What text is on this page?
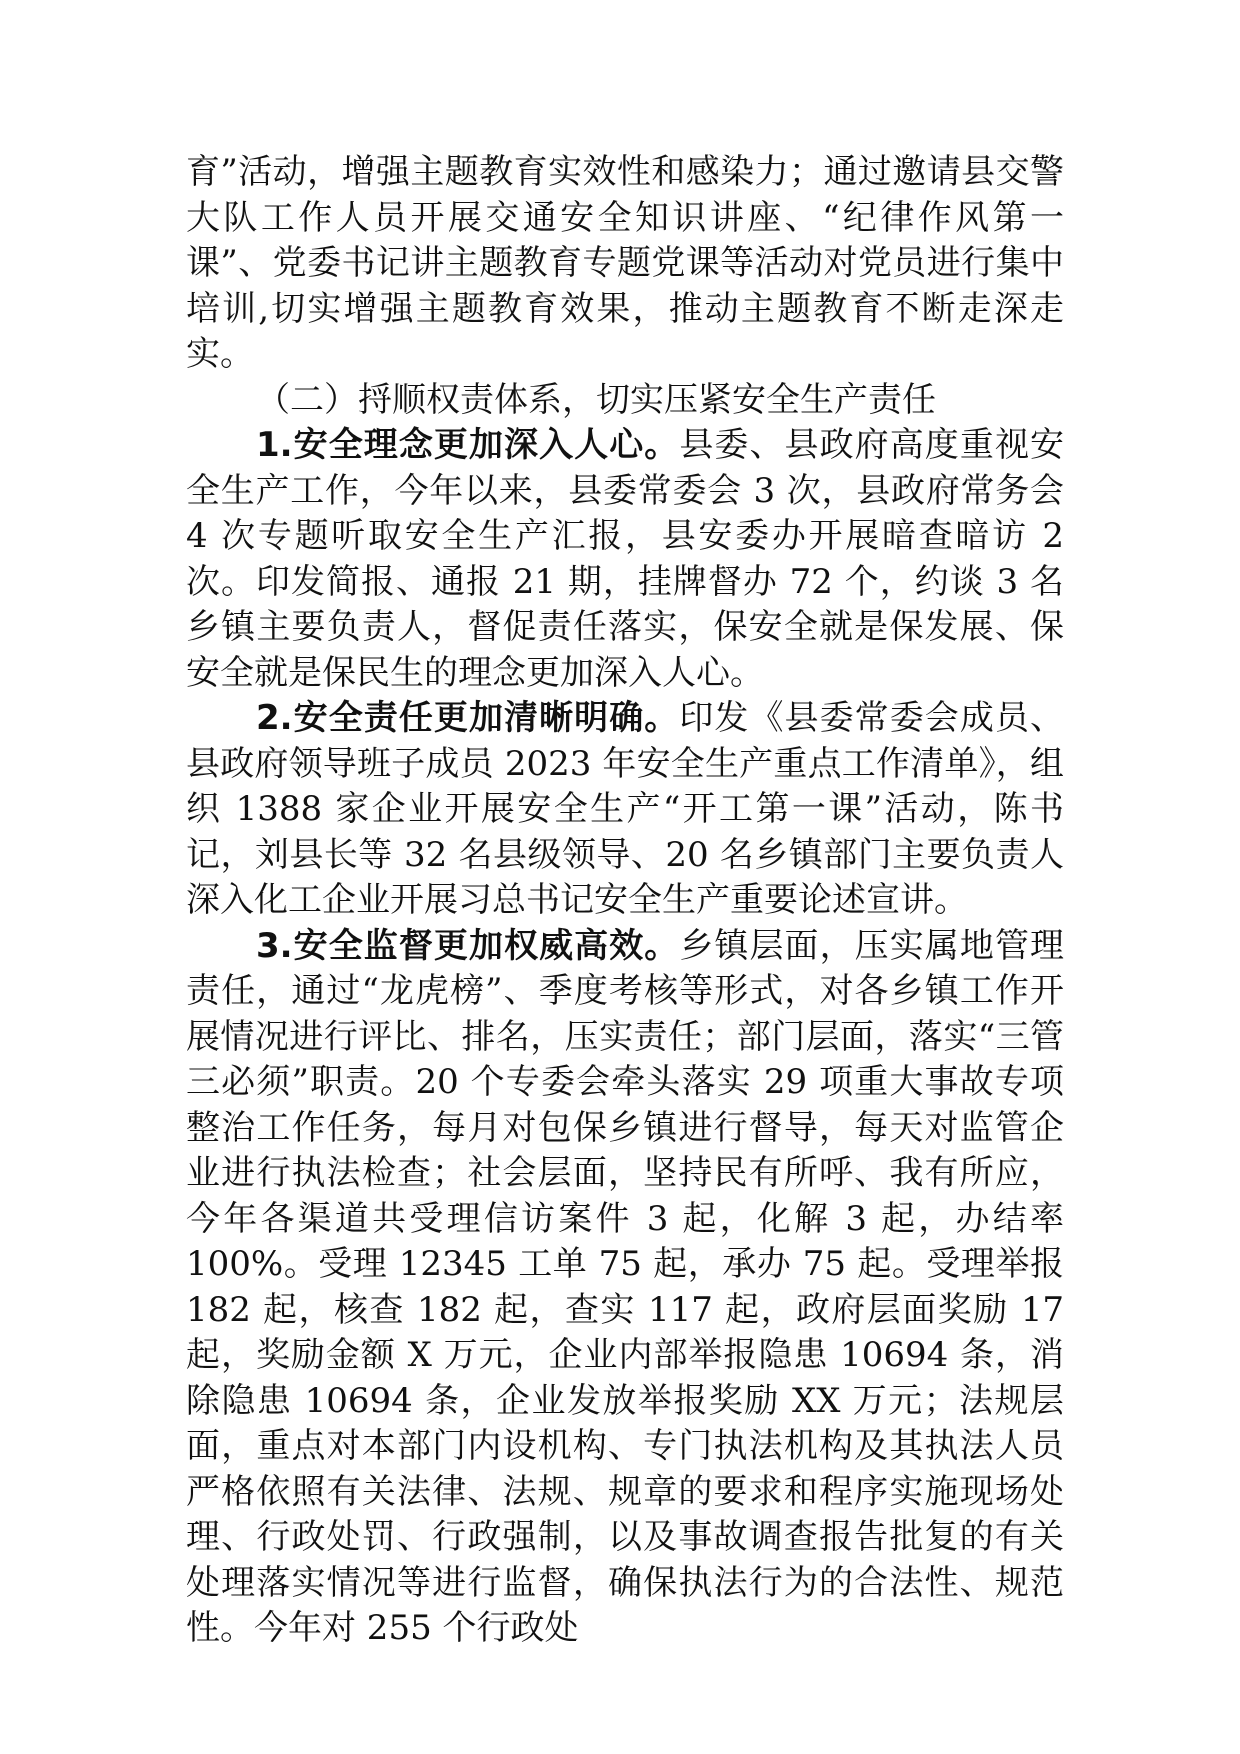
育”活动，增强主题教育实效性和感染力；通过邀请县交警大队工作人员开展交通安全知识讲座、“纪律作风第一课”、党委书记讲主题教育专题党课等活动对党员进行集中培训,切实增强主题教育效果，推动主题教育不断走深走实。

（二）捋顺权责体系，切实压紧安全生产责任

1.安全理念更加深入人心。县委、县政府高度重视安全生产工作，今年以来，县委常委会 3 次，县政府常务会 4 次专题听取安全生产汇报，县安委办开展暗查暗访 2 次。印发简报、通报 21 期，挂牌督办 72 个，约谈 3 名乡镇主要负责人，督促责任落实，保安全就是保发展、保安全就是保民生的理念更加深入人心。

2.安全责任更加清晰明确。印发《县委常委会成员、县政府领导班子成员 2023 年安全生产重点工作清单》，组织 1388 家企业开展安全生产“开工第一课”活动，陈书记，刘县长等 32 名县级领导、20 名乡镇部门主要负责人深入化工企业开展习总书记安全生产重要论述宣讲。

3.安全监督更加权威高效。乡镇层面，压实属地管理责任，通过“龙虎榜”、季度考核等形式，对各乡镇工作开展情况进行评比、排名，压实责任；部门层面，落实“三管三必须”职责。20 个专委会牵头落实 29 项重大事故专项整治工作任务，每月对包保乡镇进行督导，每天对监管企业进行执法检查；社会层面，坚持民有所呼、我有所应，今年各渠道共受理信访案件 3 起，化解 3 起，办结率 100%。受理 12345 工单 75 起，承办 75 起。受理举报 182 起，核查 182 起，查实 117 起，政府层面奖励 17 起，奖励金额 X 万元，企业内部举报隐患 10694 条，消除隐患 10694 条，企业发放举报奖励 XX 万元；法规层面，重点对本部门内设机构、专门执法机构及其执法人员严格依照有关法律、法规、规章的要求和程序实施现场处理、行政处罚、行政强制，以及事故调查报告批复的有关处理落实情况等进行监督，确保执法行为的合法性、规范性。今年对 255 个行政处
